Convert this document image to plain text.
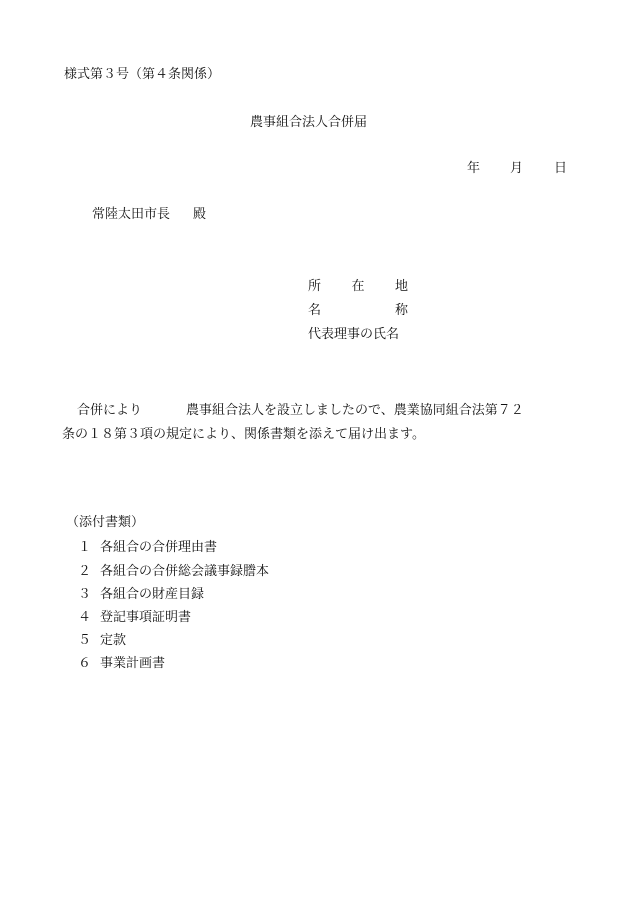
様式第３号（第４条関係）
農事組合法人合併届
年 月 日
常陸太田市長 殿
所 在 地
名	称
代表理事の氏名
合併により	農事組合法人を設立しましたので、農業協同組合法第７２
条の１８第３項の規定により、関係書類を添えて届け出ます。
（添付書類）
１ 各組合の合併理由書
２ 各組合の合併総会議事録謄本
３ 各組合の財産目録
４ 登記事項証明書
５ 定款
６ 事業計画書
